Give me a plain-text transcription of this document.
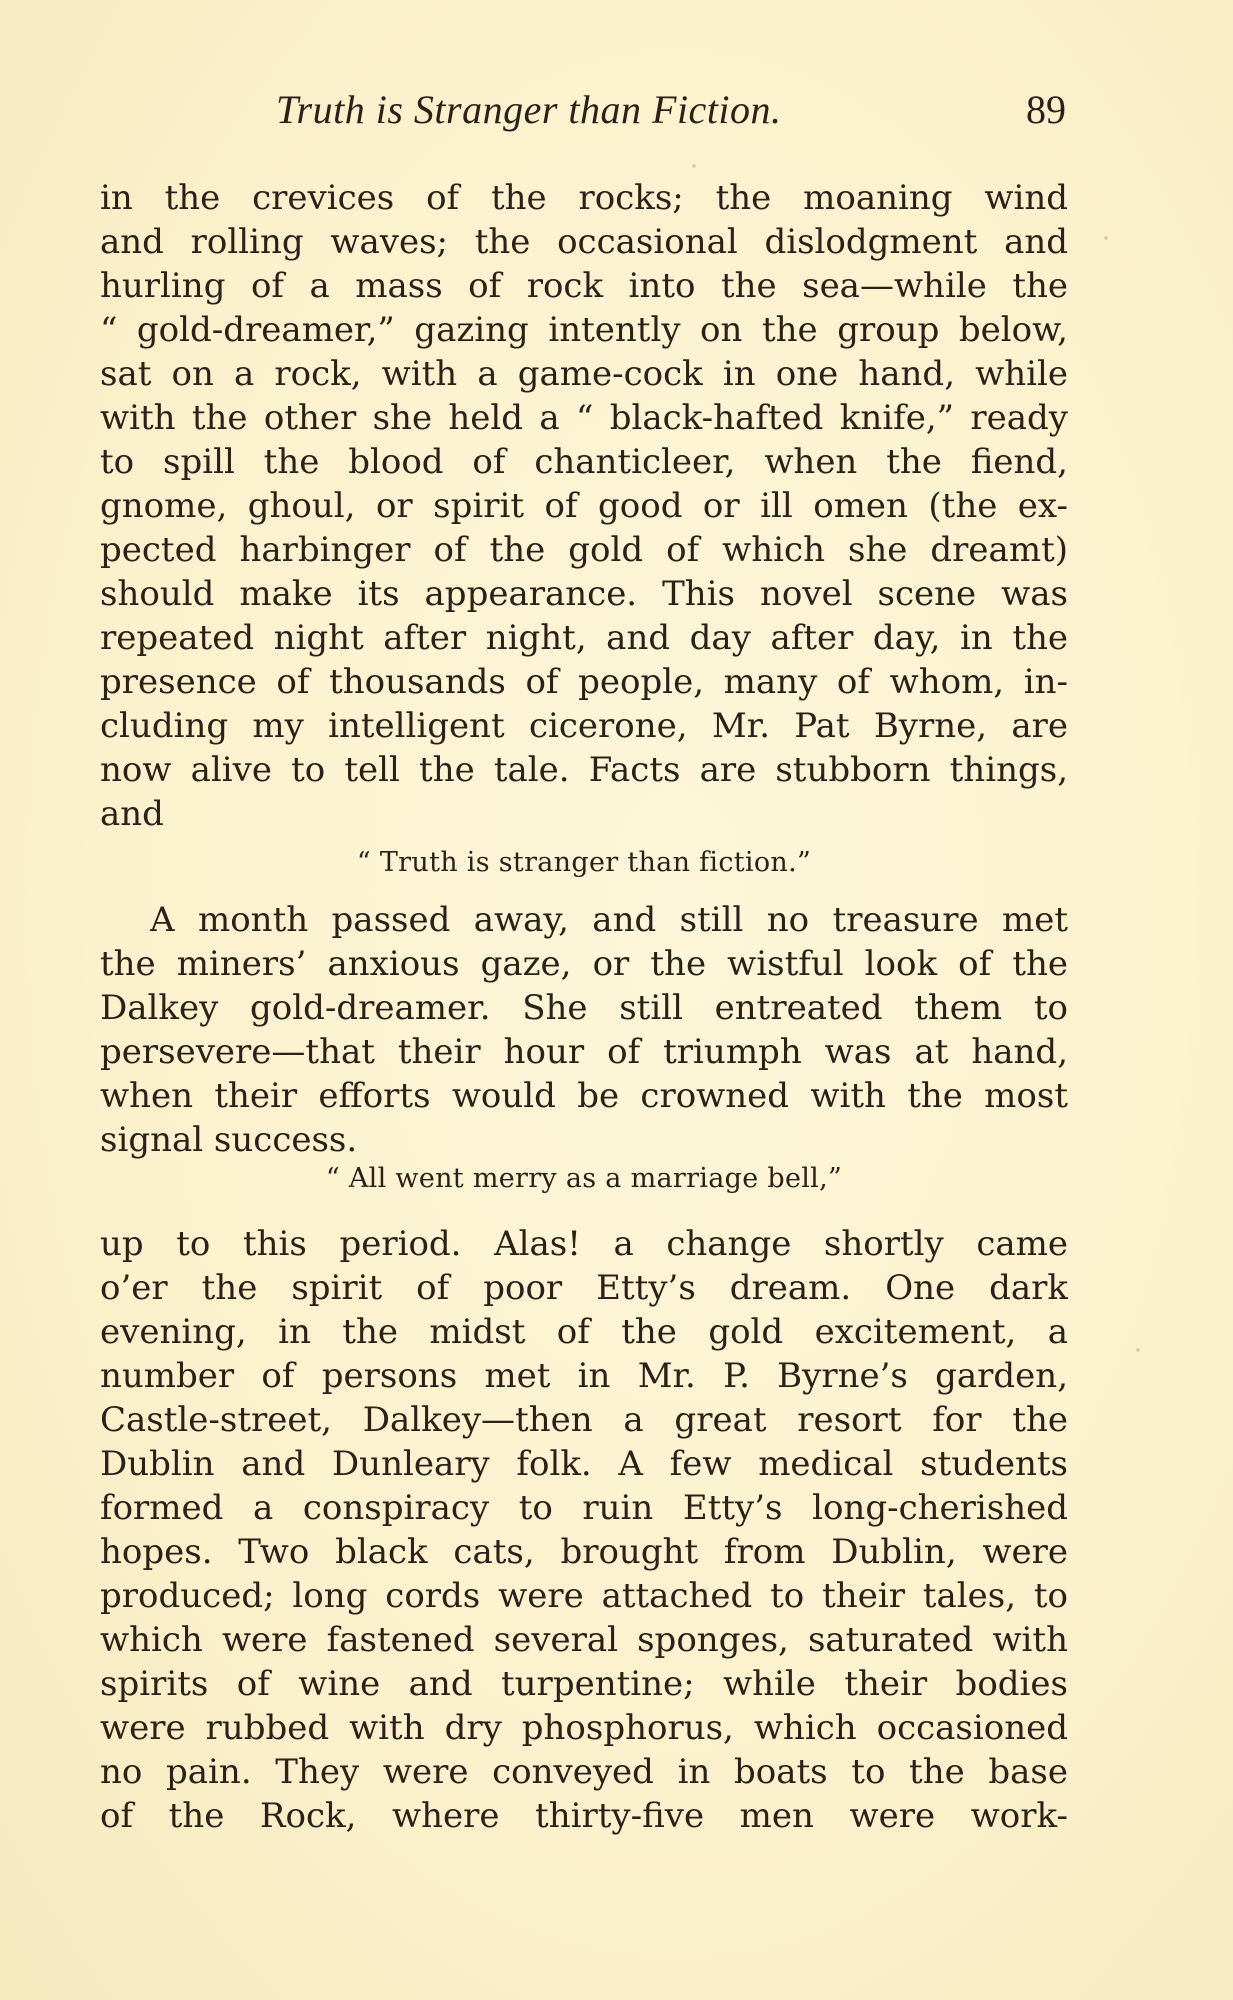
Truth is Stranger than Fiction.	89
in the crevices of the rocks; the moaning wind
and rolling waves; the occasional dislodgment and
hurling of a mass of rock into the sea—while the
“ gold-dreamer,” gazing intently on the group below,
sat on a rock, with a game-cock in one hand, while
with the other she held a “ black-hafted knife,” ready
to spill the blood of chanticleer, when the fiend,
gnome, ghoul, or spirit of good or ill omen (the ex-
pected harbinger of the gold of which she dreamt)
should make its appearance. This novel scene was
repeated night after night, and day after day, in the
presence of thousands of people, many of whom, in-
cluding my intelligent cicerone, Mr. Pat Byrne, are
now alive to tell the tale. Facts are stubborn things,
and
“ Truth is stranger than fiction.”
A month passed away, and still no treasure met
the miners’ anxious gaze, or the wistful look of the
Dalkey gold-dreamer. She still entreated them to
persevere—that their hour of triumph was at hand,
when their efforts would be crowned with the most
signal success.
“ All went merry as a marriage bell,”
up to this period. Alas! a change shortly came
o’er the spirit of poor Etty’s dream. One dark
evening, in the midst of the gold excitement, a
number of persons met in Mr. P. Byrne’s garden,
Castle-street, Dalkey—then a great resort for the
Dublin and Dunleary folk. A few medical students
formed a conspiracy to ruin Etty’s long-cherished
hopes. Two black cats, brought from Dublin, were
produced; long cords were attached to their tales, to
which were fastened several sponges, saturated with
spirits of wine and turpentine; while their bodies
were rubbed with dry phosphorus, which occasioned
no pain. They were conveyed in boats to the base
of the Rock, where thirty-five men were work-
